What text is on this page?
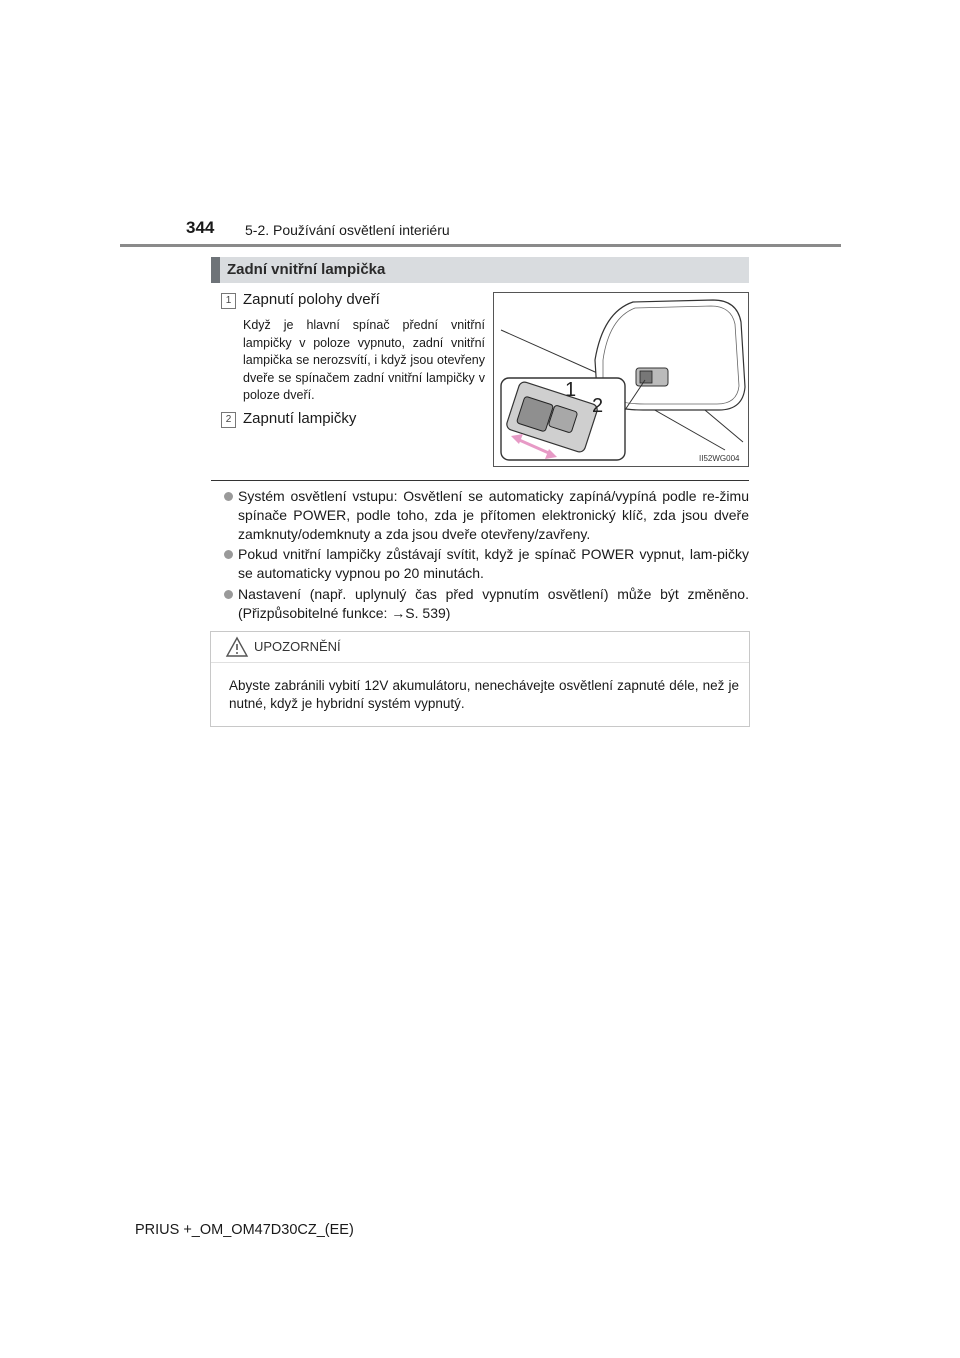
344 5-2. Používání osvětlení interiéru
Zadní vnitřní lampička
1 Zapnutí polohy dveří
Když je hlavní spínač přední vnitřní lampičky v poloze vypnuto, zadní vnitřní lampička se nerozsvítí, i když jsou otevřeny dveře se spínačem zadní vnitřní lampičky v poloze dveří.
2 Zapnutí lampičky
1
2
II52WG004
Systém osvětlení vstupu: Osvětlení se automaticky zapíná/vypíná podle re-žimu spínače POWER, podle toho, zda je přítomen elektronický klíč, zda jsou dveře zamknuty/odemknuty a zda jsou dveře otevřeny/zavřeny.
Pokud vnitřní lampičky zůstávají svítit, když je spínač POWER vypnut, lam-pičky se automaticky vypnou po 20 minutách.
Nastavení (např. uplynulý čas před vypnutím osvětlení) může být změněno. (Přizpůsobitelné funkce: →S. 539)
UPOZORNĚNÍ
Abyste zabránili vybití 12V akumulátoru, nenechávejte osvětlení zapnuté déle, než je nutné, když je hybridní systém vypnutý.
PRIUS +_OM_OM47D30CZ_(EE)
